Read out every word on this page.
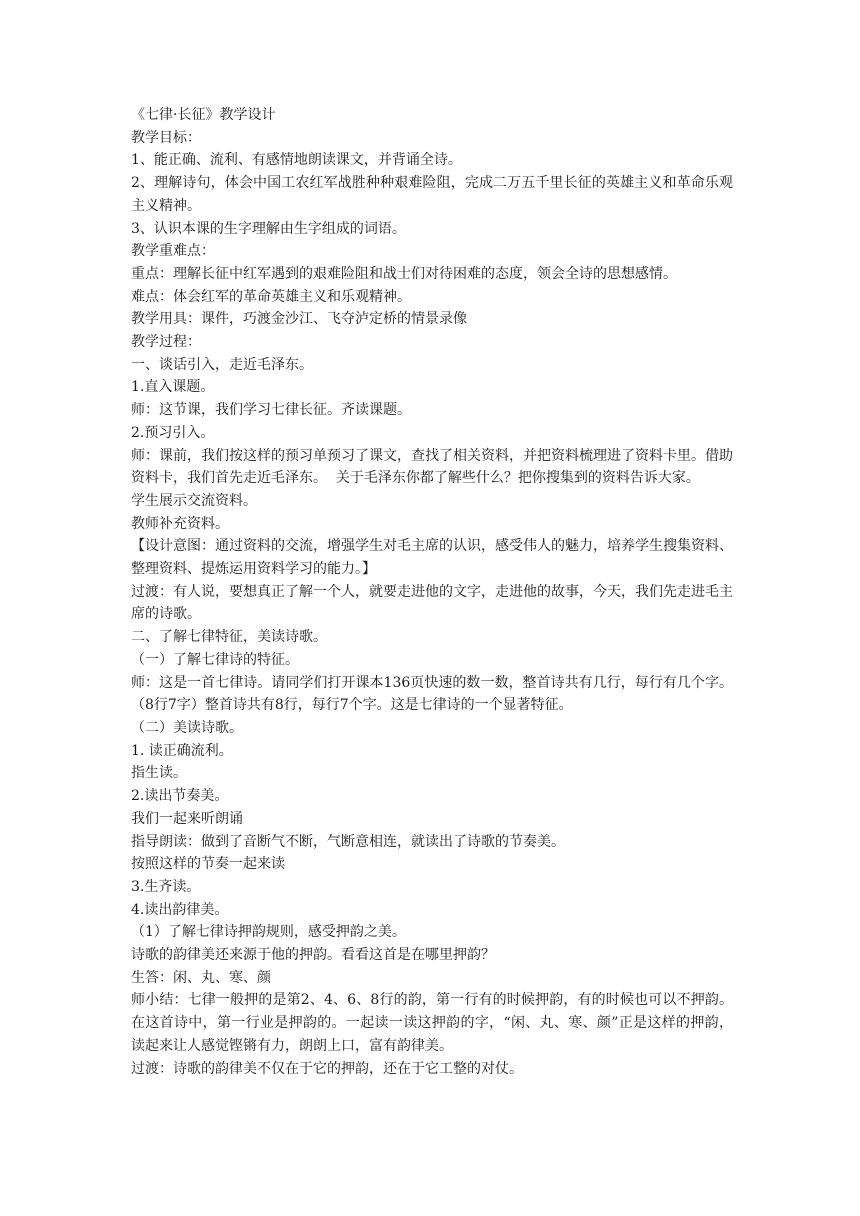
《七律·长征》教学设计

教学目标：

1、能正确、流利、有感情地朗读课文，并背诵全诗。

2、理解诗句，体会中国工农红军战胜种种艰难险阻，完成二万五千里长征的英雄主义和革命乐观主义精神。

3、认识本课的生字理解由生字组成的词语。

教学重难点：

重点：理解长征中红军遇到的艰难险阻和战士们对待困难的态度，领会全诗的思想感情。

难点：体会红军的革命英雄主义和乐观精神。

教学用具：课件，巧渡金沙江、飞夺泸定桥的情景录像

教学过程：

一、谈话引入，走近毛泽东。

1.直入课题。

师：这节课，我们学习七律长征。齐读课题。

2.预习引入。

师：课前，我们按这样的预习单预习了课文，查找了相关资料，并把资料梳理进了资料卡里。借助资料卡，我们首先走近毛泽东。  关于毛泽东你都了解些什么？把你搜集到的资料告诉大家。

学生展示交流资料。

教师补充资料。

【设计意图：通过资料的交流，增强学生对毛主席的认识，感受伟人的魅力，培养学生搜集资料、整理资料、提炼运用资料学习的能力。】

过渡：有人说，要想真正了解一个人，就要走进他的文字，走进他的故事，今天，我们先走进毛主席的诗歌。

二、了解七律特征，美读诗歌。

（一）了解七律诗的特征。

师：这是一首七律诗。请同学们打开课本136页快速的数一数，整首诗共有几行，每行有几个字。（8行7字）整首诗共有8行，每行7个字。这是七律诗的一个显著特征。

（二）美读诗歌。

1. 读正确流利。

指生读。

2.读出节奏美。

我们一起来听朗诵

指导朗读：做到了音断气不断，气断意相连，就读出了诗歌的节奏美。

按照这样的节奏一起来读

3.生齐读。

4.读出韵律美。

（1）了解七律诗押韵规则，感受押韵之美。

诗歌的韵律美还来源于他的押韵。看看这首是在哪里押韵？

生答：闲、丸、寒、颜

师小结：七律一般押的是第2、4、6、8行的韵，第一行有的时候押韵，有的时候也可以不押韵。在这首诗中，第一行业是押韵的。一起读一读这押韵的字，“闲、丸、寒、颜”正是这样的押韵，读起来让人感觉铿锵有力，朗朗上口，富有韵律美。

过渡：诗歌的韵律美不仅在于它的押韵，还在于它工整的对仗。
